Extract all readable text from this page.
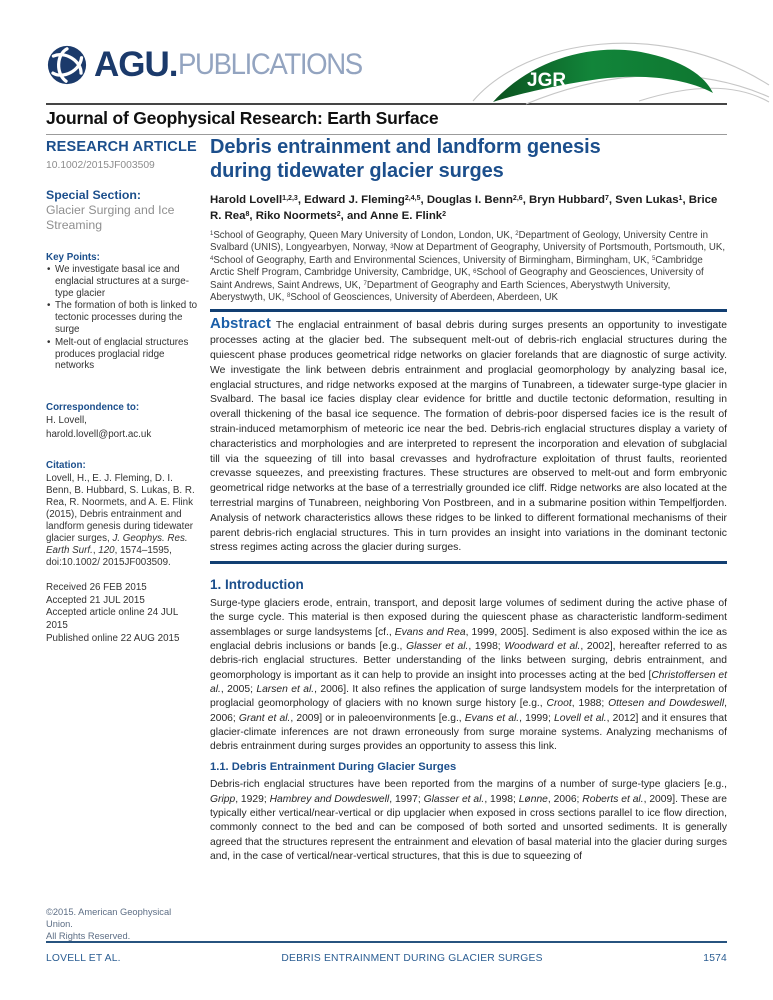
AGU. PUBLICATIONS	JGR
Journal of Geophysical Research: Earth Surface
RESEARCH ARTICLE
10.1002/2015JF003509
Special Section:
Glacier Surging and Ice Streaming
Key Points:
• We investigate basal ice and englacial structures at a surge-type glacier
• The formation of both is linked to tectonic processes during the surge
• Melt-out of englacial structures produces proglacial ridge networks
Correspondence to:
H. Lovell,
harold.lovell@port.ac.uk
Citation:
Lovell, H., E. J. Fleming, D. I. Benn, B. Hubbard, S. Lukas, B. R. Rea, R. Noormets, and A. E. Flink (2015), Debris entrainment and landform genesis during tidewater glacier surges, J. Geophys. Res. Earth Surf., 120, 1574–1595, doi:10.1002/ 2015JF003509.
Received 26 FEB 2015
Accepted 21 JUL 2015
Accepted article online 24 JUL 2015
Published online 22 AUG 2015
©2015. American Geophysical Union.
All Rights Reserved.
Debris entrainment and landform genesis during tidewater glacier surges
Harold Lovell$^{1,2,3}$, Edward J. Fleming$^{2,4,5}$, Douglas I. Benn$^{2,6}$, Bryn Hubbard$^7$, Sven Lukas$^1$, Brice R. Rea$^8$, Riko Noormets$^2$, and Anne E. Flink$^2$
$^1$School of Geography, Queen Mary University of London, London, UK, $^2$Department of Geology, University Centre in Svalbard (UNIS), Longyearbyen, Norway, $^3$Now at Department of Geography, University of Portsmouth, Portsmouth, UK, $^4$School of Geography, Earth and Environmental Sciences, University of Birmingham, Birmingham, UK, $^5$Cambridge Arctic Shelf Program, Cambridge University, Cambridge, UK, $^6$School of Geography and Geosciences, University of Saint Andrews, Saint Andrews, UK, $^7$Department of Geography and Earth Sciences, Aberystwyth University, Aberystwyth, UK, $^8$School of Geosciences, University of Aberdeen, Aberdeen, UK

Abstract The englacial entrainment of basal debris during surges presents an opportunity to investigate processes acting at the glacier bed. The subsequent melt-out of debris-rich englacial structures during the quiescent phase produces geometrical ridge networks on glacier forelands that are diagnostic of surge activity. We investigate the link between debris entrainment and proglacial geomorphology by analyzing basal ice, englacial structures, and ridge networks exposed at the margins of Tunabreen, a tidewater surge-type glacier in Svalbard. The basal ice facies display clear evidence for brittle and ductile tectonic deformation, resulting in overall thickening of the basal ice sequence. The formation of debris-poor dispersed facies ice is the result of strain-induced metamorphism of meteoric ice near the bed. Debris-rich englacial structures display a variety of characteristics and morphologies and are interpreted to represent the incorporation and elevation of subglacial till via the squeezing of till into basal crevasses and hydrofracture exploitation of thrust faults, reoriented crevasse squeezes, and preexisting fractures. These structures are observed to melt-out and form embryonic geometrical ridge networks at the base of a terrestrially grounded ice cliff. Ridge networks are also located at the terrestrial margins of Tunabreen, neighboring Von Postbreen, and in a submarine position within Tempelfjorden. Analysis of network characteristics allows these ridges to be linked to different formational mechanisms of their parent debris-rich englacial structures. This in turn provides an insight into variations in the dominant tectonic stress regimes acting across the glacier during surges.

1. Introduction

Surge-type glaciers erode, entrain, transport, and deposit large volumes of sediment during the active phase of the surge cycle. This material is then exposed during the quiescent phase as characteristic landform-sediment assemblages or surge landsystems [cf., Evans and Rea, 1999, 2005]. Sediment is also exposed within the ice as englacial debris inclusions or bands [e.g., Glasser et al., 1998; Woodward et al., 2002], hereafter referred to as debris-rich englacial structures. Better understanding of the links between surging, debris entrainment, and geomorphology is important as it can help to provide an insight into processes acting at the bed [Christoffersen et al., 2005; Larsen et al., 2006]. It also refines the application of surge landsystem models for the interpretation of proglacial geomorphology of glaciers with no known surge history [e.g., Croot, 1988; Ottesen and Dowdeswell, 2006; Grant et al., 2009] or in paleoenvironments [e.g., Evans et al., 1999; Lovell et al., 2012] and it ensures that glacier-climate inferences are not drawn erroneously from surge moraine systems. Analyzing mechanisms of debris entrainment during surges provides an opportunity to assess this link.

1.1. Debris Entrainment During Glacier Surges

Debris-rich englacial structures have been reported from the margins of a number of surge-type glaciers [e.g., Gripp, 1929; Hambrey and Dowdeswell, 1997; Glasser et al., 1998; Lønne, 2006; Roberts et al., 2009]. These are typically either vertical/near-vertical or dip upglacier when exposed in cross sections parallel to ice flow direction, commonly connect to the bed and can be composed of both sorted and unsorted sediments. It is generally agreed that the structures represent the entrainment and elevation of basal material into the glacier during surges and, in the case of vertical/near-vertical structures, that this is due to squeezing of

LOVELL ET AL.	DEBRIS ENTRAINMENT DURING GLACIER SURGES	1574
